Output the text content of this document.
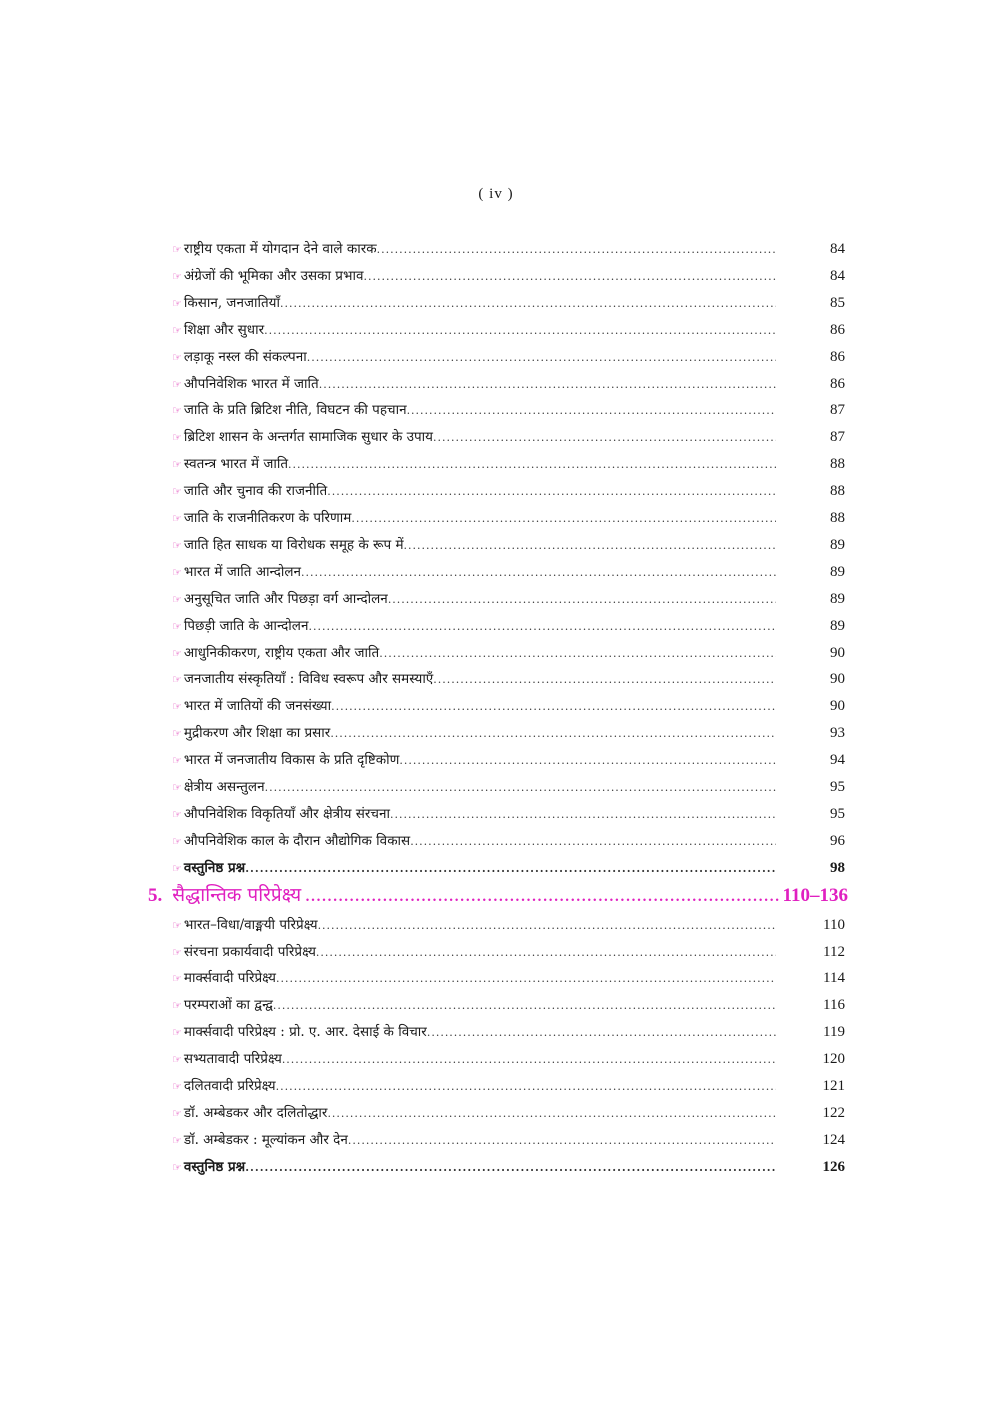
( iv )
5. सैद्धान्तिक परिप्रेक्ष्य .....	110–136
☞ राष्ट्रीय एकता में योगदान देने वाले कारक .....	84
☞ अंग्रेजों की भूमिका और उसका प्रभाव .....	84
☞ किसान, जनजातियाँ .....	85
☞ शिक्षा और सुधार .....	86
☞ लड़ाकू नस्ल की संकल्पना .....	86
☞ औपनिवेशिक भारत में जाति .....	86
☞ जाति के प्रति ब्रिटिश नीति, विघटन की पहचान .....	87
☞ ब्रिटिश शासन के अन्तर्गत सामाजिक सुधार के उपाय .....	87
☞ स्वतन्त्र भारत में जाति .....	88
☞ जाति और चुनाव की राजनीति .....	88
☞ जाति के राजनीतिकरण के परिणाम .....	88
☞ जाति हित साधक या विरोधक समूह के रूप में .....	89
☞ भारत में जाति आन्दोलन .....	89
☞ अनुसूचित जाति और पिछड़ा वर्ग आन्दोलन .....	89
☞ पिछड़ी जाति के आन्दोलन .....	89
☞ आधुनिकीकरण, राष्ट्रीय एकता और जाति .....	90
☞ जनजातीय संस्कृतियाँ : विविध स्वरूप और समस्याएँ .....	90
☞ भारत में जातियों की जनसंख्या .....	90
☞ मुद्रीकरण और शिक्षा का प्रसार .....	93
☞ भारत में जनजातीय विकास के प्रति दृष्टिकोण .....	94
☞ क्षेत्रीय असन्तुलन .....	95
☞ औपनिवेशिक विकृतियाँ और क्षेत्रीय संरचना .....	95
☞ औपनिवेशिक काल के दौरान औद्योगिक विकास .....	96
☞ वस्तुनिष्ठ प्रश्न .....	98
☞ भारत–विधा/वाङ्मयी परिप्रेक्ष्य .....	110
☞ संरचना प्रकार्यवादी परिप्रेक्ष्य .....	112
☞ मार्क्सवादी परिप्रेक्ष्य .....	114
☞ परम्पराओं का द्वन्द्व .....	116
☞ मार्क्सवादी परिप्रेक्ष्य : प्रो. ए. आर. देसाई के विचार .....	119
☞ सभ्यतावादी परिप्रेक्ष्य .....	120
☞ दलितवादी प्ररिप्रेक्ष्य .....	121
☞ डॉ. अम्बेडकर और दलितोद्धार .....	122
☞ डॉ. अम्बेडकर : मूल्यांकन और देन .....	124
☞ वस्तुनिष्ठ प्रश्न .....	126
